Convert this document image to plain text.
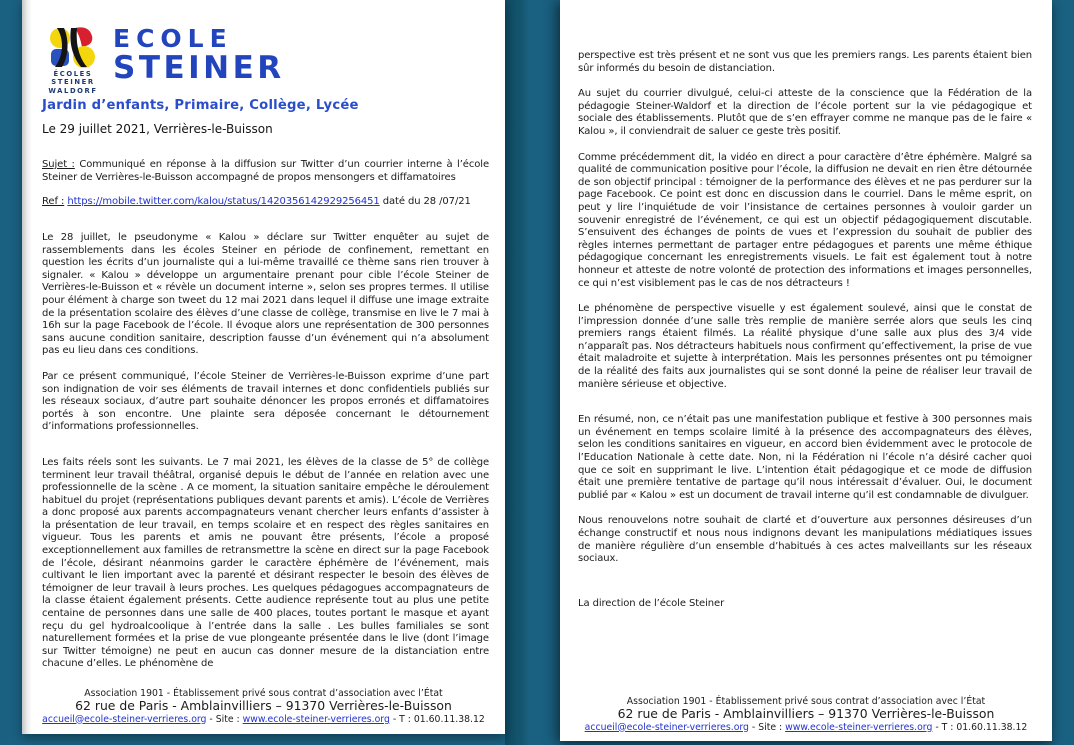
ÉCOLES
STEINER
WALDORF
ECOLE
STEINER
Jardin d’enfants, Primaire, Collège, Lycée
Le 29 juillet 2021, Verrières-le-Buisson
Sujet : Communiqué en réponse à la diffusion sur Twitter d’un courrier interne à l’école Steiner de Verrières-le-Buisson accompagné de propos mensongers et diffamatoires
Ref : https://mobile.twitter.com/kalou/status/1420356142929256451 daté du 28 /07/21

Le 28 juillet, le pseudonyme « Kalou » déclare sur Twitter enquêter au sujet de rassemblements dans les écoles Steiner en période de confinement, remettant en question les écrits d’un journaliste qui a lui-même travaillé ce thème sans rien trouver à signaler. « Kalou » développe un argumentaire prenant pour cible l’école Steiner de Verrières-le-Buisson et « révèle un document interne », selon ses propres termes. Il utilise pour élément à charge son tweet du 12 mai 2021 dans lequel il diffuse une image extraite de la présentation scolaire des élèves d’une classe de collège, transmise en live le 7 mai à 16h sur la page Facebook de l’école. Il évoque alors une représentation de 300 personnes sans aucune condition sanitaire, description fausse d’un événement qui n’a absolument pas eu lieu dans ces conditions.

Par ce présent communiqué, l’école Steiner de Verrières-le-Buisson exprime d’une part son indignation de voir ses éléments de travail internes et donc confidentiels publiés sur les réseaux sociaux, d’autre part souhaite dénoncer les propos erronés et diffamatoires portés à son encontre. Une plainte sera déposée concernant le détournement d’informations professionnelles.

Les faits réels sont les suivants. Le 7 mai 2021, les élèves de la classe de 5° de collège terminent leur travail théâtral, organisé depuis le début de l’année en relation avec une professionnelle de la scène . A ce moment, la situation sanitaire empêche le déroulement habituel du projet (représentations publiques devant parents et amis). L’école de Verrières a donc proposé aux parents accompagnateurs venant chercher leurs enfants d’assister à la présentation de leur travail, en temps scolaire et en respect des règles sanitaires en vigueur. Tous les parents et amis ne pouvant être présents, l’école a proposé exceptionnellement aux familles de retransmettre la scène en direct sur la page Facebook de l’école, désirant néanmoins garder le caractère éphémère de l’événement, mais cultivant le lien important avec la parenté et désirant respecter le besoin des élèves de témoigner de leur travail à leurs proches. Les quelques pédagogues accompagnateurs de la classe étaient également présents. Cette audience représente tout au plus une petite centaine de personnes dans une salle de 400 places, toutes portant le masque et ayant reçu du gel hydroalcoolique à l’entrée dans la salle . Les bulles familiales se sont naturellement formées et la prise de vue plongeante présentée dans le live (dont l’image sur Twitter témoigne) ne peut en aucun cas donner mesure de la distanciation entre chacune d’elles. Le phénomène de

Association 1901 - Établissement privé sous contrat d’association avec l’État
62 rue de Paris - Amblainvilliers – 91370 Verrières-le-Buisson
accueil@ecole-steiner-verrieres.org - Site : www.ecole-steiner-verrieres.org - T : 01.60.11.38.12

perspective est très présent et ne sont vus que les premiers rangs. Les parents étaient bien sûr informés du besoin de distanciation.

Au sujet du courrier divulgué, celui-ci atteste de la conscience que la Fédération de la pédagogie Steiner-Waldorf et la direction de l’école portent sur la vie pédagogique et sociale des établissements. Plutôt que de s’en effrayer comme ne manque pas de le faire « Kalou », il conviendrait de saluer ce geste très positif.

Comme précédemment dit, la vidéo en direct a pour caractère d’être éphémère. Malgré sa qualité de communication positive pour l’école, la diffusion ne devait en rien être détournée de son objectif principal : témoigner de la performance des élèves et ne pas perdurer sur la page Facebook. Ce point est donc en discussion dans le courriel. Dans le même esprit, on peut y lire l’inquiétude de voir l’insistance de certaines personnes à vouloir garder un souvenir enregistré de l’événement, ce qui est un objectif pédagogiquement discutable. S’ensuivent des échanges de points de vues et l’expression du souhait de publier des règles internes permettant de partager entre pédagogues et parents une même éthique pédagogique concernant les enregistrements visuels. Le fait est également tout à notre honneur et atteste de notre volonté de protection des informations et images personnelles, ce qui n’est visiblement pas le cas de nos détracteurs !

Le phénomène de perspective visuelle y est également soulevé, ainsi que le constat de l’impression donnée d’une salle très remplie de manière serrée alors que seuls les cinq premiers rangs étaient filmés. La réalité physique d’une salle aux plus des 3/4 vide n’apparaît pas. Nos détracteurs habituels nous confirment qu’effectivement, la prise de vue était maladroite et sujette à interprétation. Mais les personnes présentes ont pu témoigner de la réalité des faits aux journalistes qui se sont donné la peine de réaliser leur travail de manière sérieuse et objective.

En résumé, non, ce n’était pas une manifestation publique et festive à 300 personnes mais un événement en temps scolaire limité à la présence des accompagnateurs des élèves, selon les conditions sanitaires en vigueur, en accord bien évidemment avec le protocole de l’Education Nationale à cette date. Non, ni la Fédération ni l’école n’a désiré cacher quoi que ce soit en supprimant le live. L’intention était pédagogique et ce mode de diffusion était une première tentative de partage qu’il nous intéressait d’évaluer. Oui, le document publié par « Kalou » est un document de travail interne qu’il est condamnable de divulguer.

Nous renouvelons notre souhait de clarté et d’ouverture aux personnes désireuses d’un échange constructif et nous nous indignons devant les manipulations médiatiques issues de manière régulière d’un ensemble d’habitués à ces actes malveillants sur les réseaux sociaux.

La direction de l’école Steiner
Association 1901 - Établissement privé sous contrat d’association avec l’État
62 rue de Paris - Amblainvilliers – 91370 Verrières-le-Buisson
accueil@ecole-steiner-verrieres.org - Site : www.ecole-steiner-verrieres.org - T : 01.60.11.38.12
